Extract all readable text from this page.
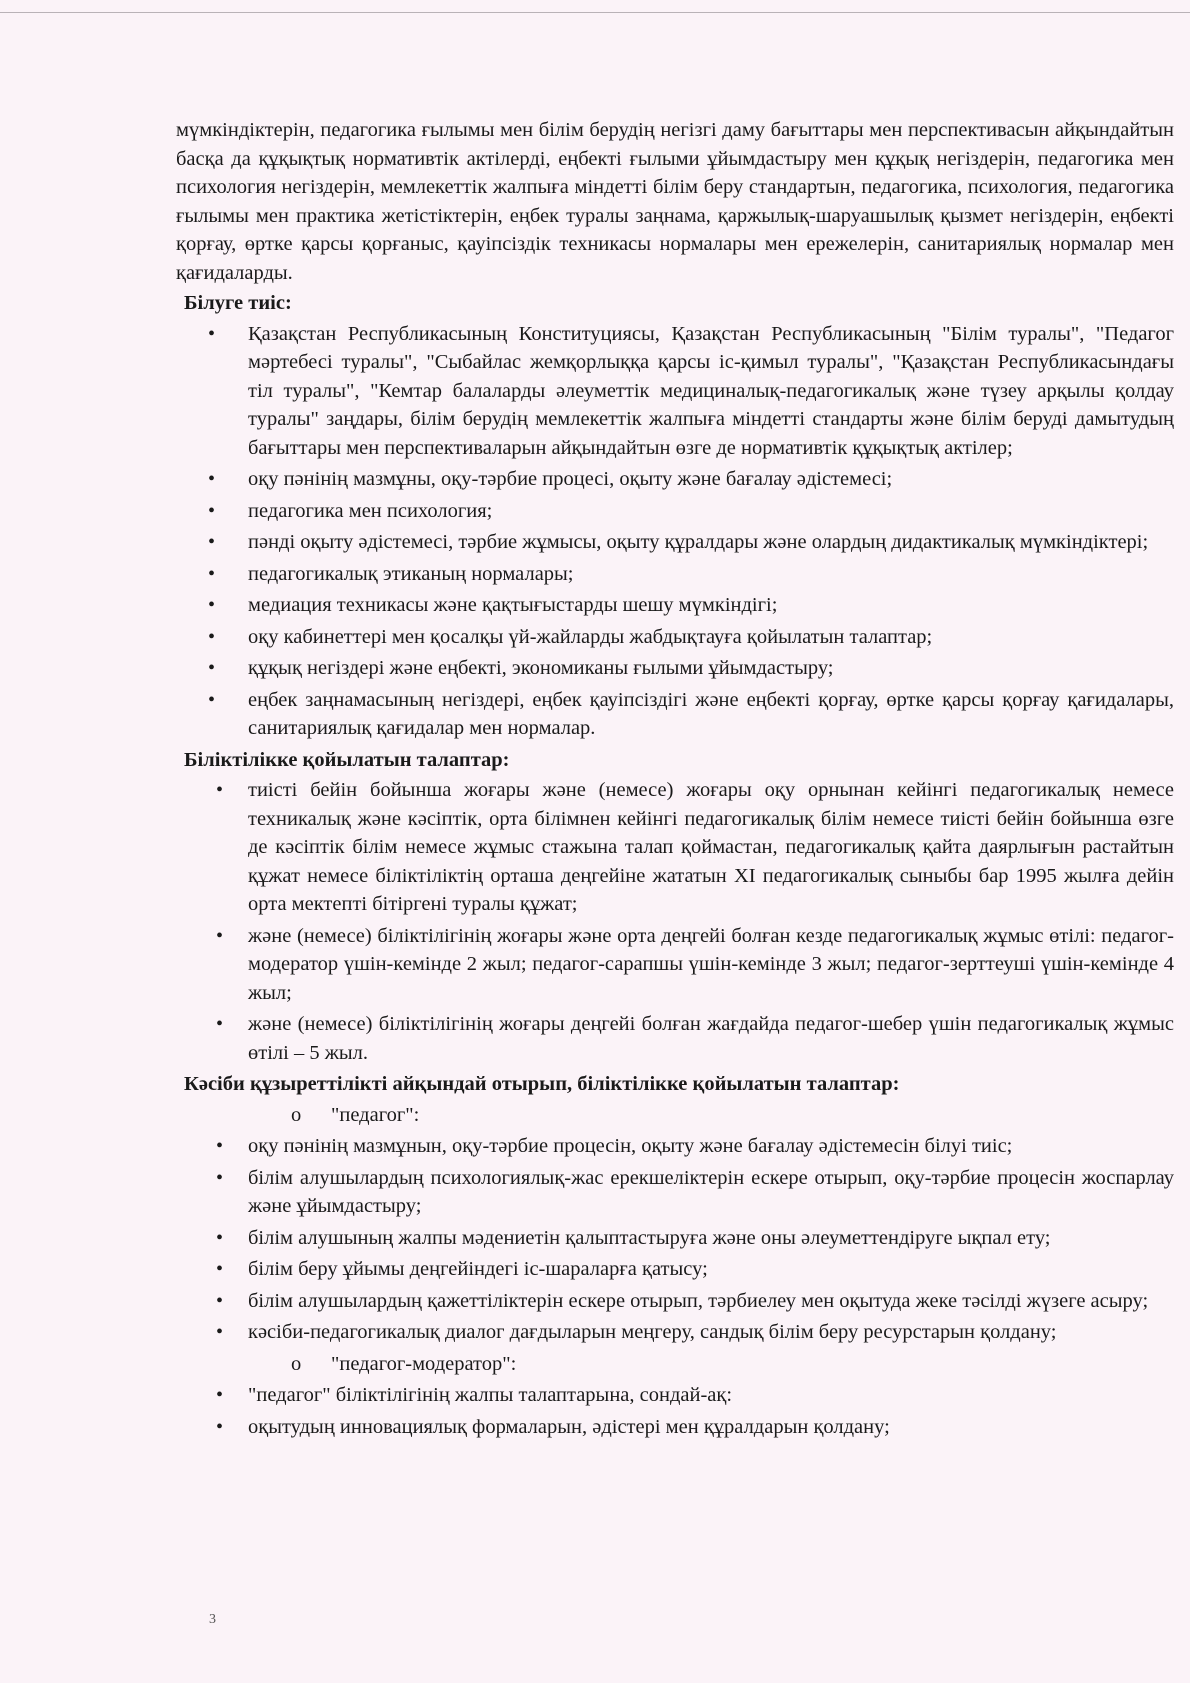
мүмкіндіктерін, педагогика ғылымы мен білім берудің негізгі даму бағыттары мен перспективасын айқындайтын басқа да құқықтық нормативтік актілерді, еңбекті ғылыми ұйымдастыру мен құқық негіздерін, педагогика мен психология негіздерін, мемлекеттік жалпыға міндетті білім беру стандартын, педагогика, психология, педагогика ғылымы мен практика жетістіктерін, еңбек туралы заңнама, қаржылық-шаруашылық қызмет негіздерін, еңбекті қорғау, өртке қарсы қорғаныс, қауіпсіздік техникасы нормалары мен ережелерін, санитариялық нормалар мен қағидаларды.

Білуге тиіс:
• Қазақстан Республикасының Конституциясы, Қазақстан Республикасының "Білім туралы", "Педагог мәртебесі туралы", "Сыбайлас жемқорлыққа қарсы іс-қимыл туралы", "Қазақстан Республикасындағы тіл туралы", "Кемтар балаларды әлеуметтік медициналық-педагогикалық және түзеу арқылы қолдау туралы" заңдары, білім берудің мемлекеттік жалпыға міндетті стандарты және білім беруді дамытудың бағыттары мен перспективаларын айқындайтын өзге де нормативтік құқықтық актілер;
• оқу пәнінің мазмұны, оқу-тәрбие процесі, оқыту және бағалау әдістемесі;
• педагогика мен психология;
• пәнді оқыту әдістемесі, тәрбие жұмысы, оқыту құралдары және олардың дидактикалық мүмкіндіктері;
• педагогикалық этиканың нормалары;
• медиация техникасы және қақтығыстарды шешу мүмкіндігі;
• оқу кабинеттері мен қосалқы үй-жайларды жабдықтауға қойылатын талаптар;
• құқық негіздері және еңбекті, экономиканы ғылыми ұйымдастыру;
• еңбек заңнамасының негіздері, еңбек қауіпсіздігі және еңбекті қорғау, өртке қарсы қорғау қағидалары, санитариялық қағидалар мен нормалар.
Біліктілікке қойылатын талаптар:
• тиісті бейін бойынша жоғары және (немесе) жоғары оқу орнынан кейінгі педагогикалық немесе техникалық және кәсіптік, орта білімнен кейінгі педагогикалық білім немесе тиісті бейін бойынша өзге де кәсіптік білім немесе жұмыс стажына талап қоймастан, педагогикалық қайта даярлығын растайтын құжат немесе біліктіліктің орташа деңгейіне жататын XI педагогикалық сыныбы бар 1995 жылға дейін орта мектепті бітіргені туралы құжат;
• және (немесе) біліктілігінің жоғары және орта деңгейі болған кезде педагогикалық жұмыс өтілі: педагог-модератор үшін-кемінде 2 жыл; педагог-сарапшы үшін-кемінде 3 жыл; педагог-зерттеуші үшін-кемінде 4 жыл;
• және (немесе) біліктілігінің жоғары деңгейі болған жағдайда педагог-шебер үшін педагогикалық жұмыс өтілі – 5 жыл.
Кәсіби құзыреттілікті айқындай отырып, біліктілікке қойылатын талаптар:
o "педагог":
• оқу пәнінің мазмұнын, оқу-тәрбие процесін, оқыту және бағалау әдістемесін білуі тиіс;
• білім алушылардың психологиялық-жас ерекшеліктерін ескере отырып, оқу-тәрбие процесін жоспарлау және ұйымдастыру;
• білім алушының жалпы мәдениетін қалыптастыруға және оны әлеуметтендіруге ықпал ету;
• білім беру ұйымы деңгейіндегі іс-шараларға қатысу;
• білім алушылардың қажеттіліктерін ескере отырып, тәрбиелеу мен оқытуда жеке тәсілді жүзеге асыру;
• кәсіби-педагогикалық диалог дағдыларын меңгеру, сандық білім беру ресурстарын қолдану;
o "педагог-модератор":
• "педагог" біліктілігінің жалпы талаптарына, сондай-ақ:
• оқытудың инновациялық формаларын, әдістері мен құралдарын қолдану;
3
